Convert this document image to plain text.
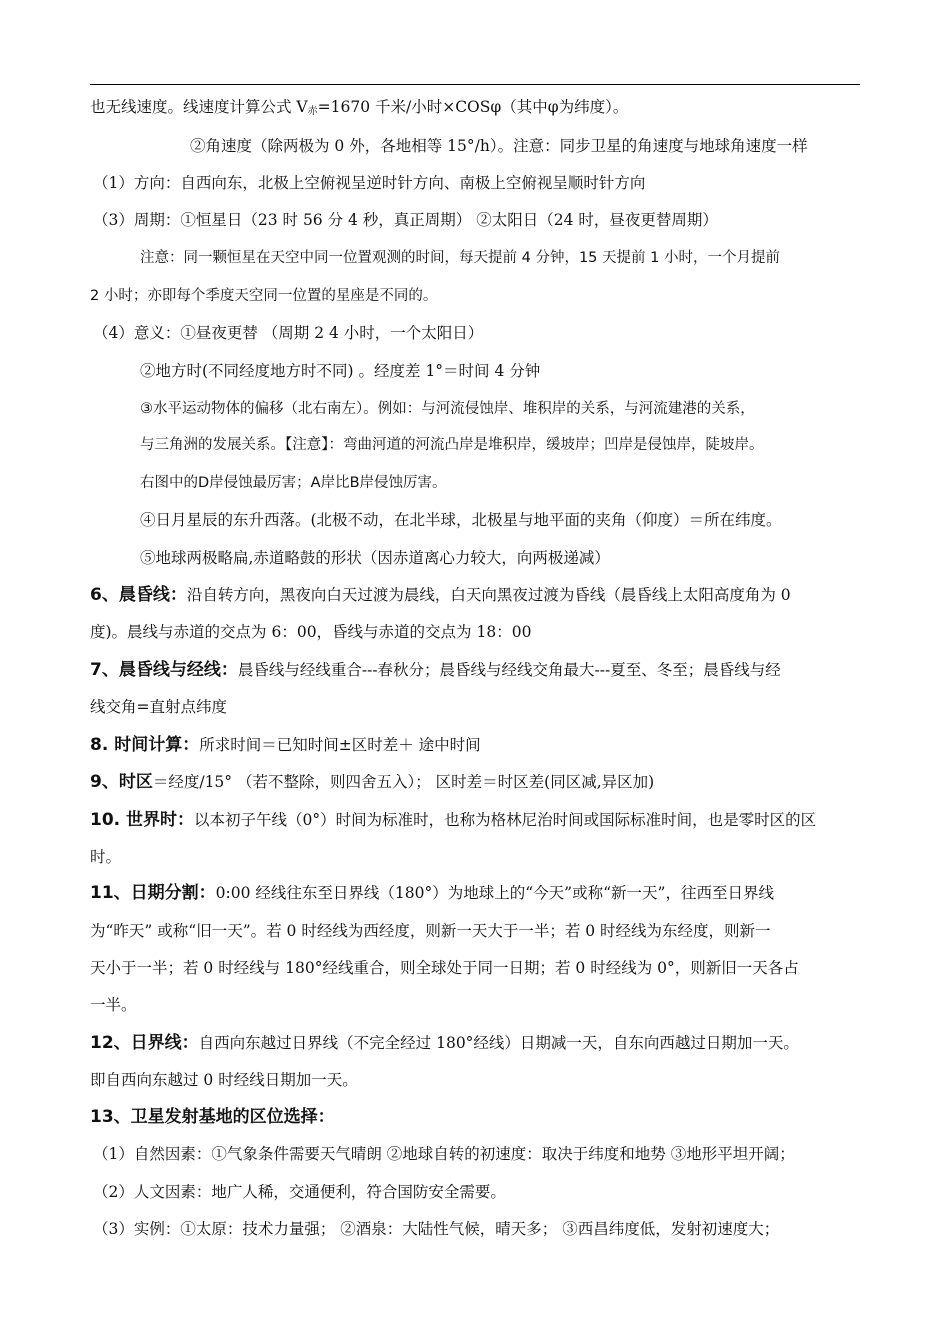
也无线速度。线速度计算公式 $V_赤=1670$ 千米/小时×COSφ（其中φ为纬度）。
②角速度（除两极为 0 外，各地相等 15°/h）。注意：同步卫星的角速度与地球角速度一样
（1）方向：自西向东，北极上空俯视呈逆时针方向、南极上空俯视呈顺时针方向
（3）周期：①恒星日（23 时 56 分 4 秒，真正周期） ②太阳日（24 时，昼夜更替周期）
注意：同一颗恒星在天空中同一位置观测的时间，每天提前 4 分钟，15 天提前 1 小时，一个月提前
2 小时；亦即每个季度天空同一位置的星座是不同的。
（4）意义：①昼夜更替 （周期 2 4 小时，一个太阳日）
②地方时(不同经度地方时不同) 。经度差 1°＝时间 4 分钟
③水平运动物体的偏移（北右南左）。例如：与河流侵蚀岸、堆积岸的关系，与河流建港的关系，
与三角洲的发展关系。【注意】：弯曲河道的河流凸岸是堆积岸，缓坡岸；凹岸是侵蚀岸，陡坡岸。
右图中的D岸侵蚀最厉害；A岸比B岸侵蚀厉害。
④日月星辰的东升西落。(北极不动，在北半球，北极星与地平面的夹角（仰度）＝所在纬度。
⑤地球两极略扁,赤道略鼓的形状（因赤道离心力较大，向两极递减）
6、晨昏线：沿自转方向，黑夜向白天过渡为晨线，白天向黑夜过渡为昏线（晨昏线上太阳高度角为 0
度)。晨线与赤道的交点为 6：00，昏线与赤道的交点为 18：00
7、晨昏线与经线：晨昏线与经线重合---春秋分；晨昏线与经线交角最大---夏至、冬至；晨昏线与经
线交角=直射点纬度
8. 时间计算：所求时间＝已知时间±区时差＋ 途中时间
9、时区＝经度/15° （若不整除，则四舍五入）； 区时差＝时区差(同区减,异区加)
10. 世界时：以本初子午线（0°）时间为标准时，也称为格林尼治时间或国际标准时间，也是零时区的区
时。
11、日期分割：0:00 经线往东至日界线（180°）为地球上的“今天”或称“新一天”，往西至日界线
为“昨天” 或称“旧一天”。若 0 时经线为西经度，则新一天大于一半；若 0 时经线为东经度，则新一
天小于一半；若 0 时经线与 180°经线重合，则全球处于同一日期；若 0 时经线为 0°，则新旧一天各占
一半。
12、日界线：自西向东越过日界线（不完全经过 180°经线）日期减一天，自东向西越过日期加一天。
即自西向东越过 0 时经线日期加一天。
13、卫星发射基地的区位选择：
（1）自然因素：①气象条件需要天气晴朗 ②地球自转的初速度：取决于纬度和地势 ③地形平坦开阔；
（2）人文因素：地广人稀，交通便利，符合国防安全需要。
（3）实例：①太原：技术力量强； ②酒泉：大陆性气候，晴天多； ③西昌纬度低，发射初速度大；
